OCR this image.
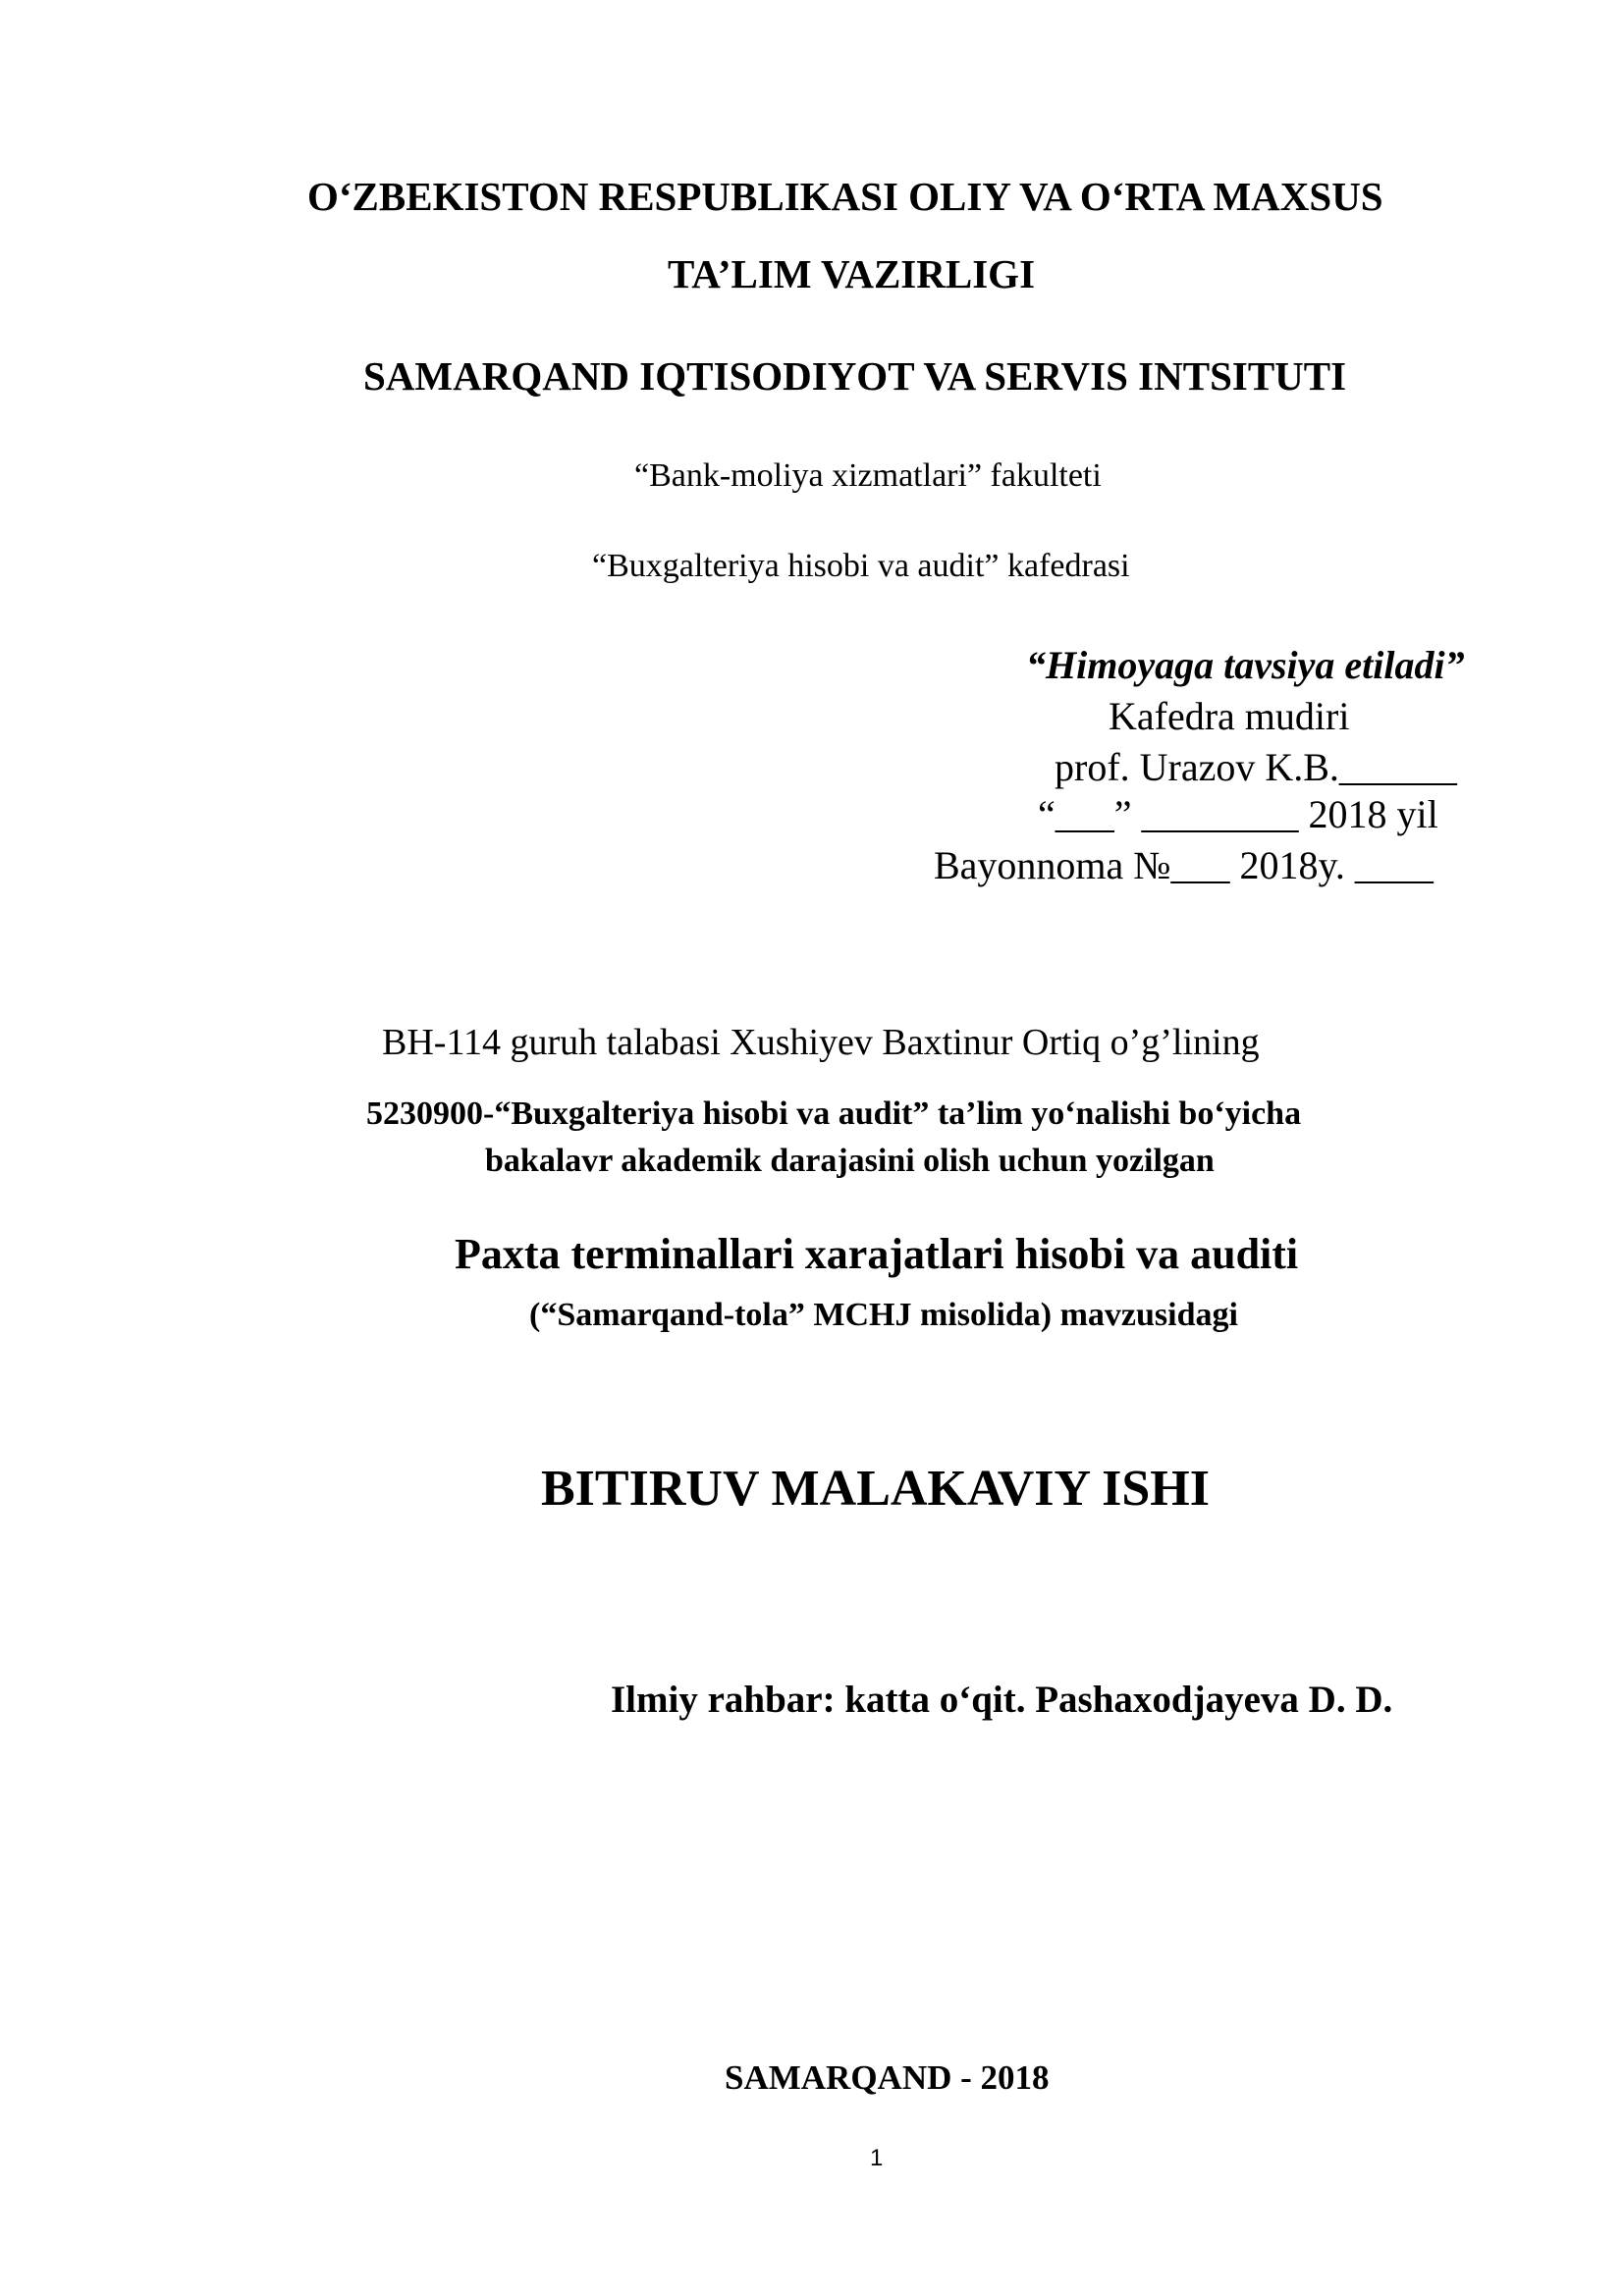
O‘ZBEKISTON RESPUBLIKASI OLIY VA O‘RTA MAXSUS
TA’LIM VAZIRLIGI
SAMARQAND IQTISODIYOT VA SERVIS INTSITUTI
“Bank-moliya xizmatlari” fakulteti
“Buxgalteriya hisobi va audit” kafedrasi
“Himoyaga tavsiya etiladi”
Kafedra mudiri
prof. Urazov K.B.______
“___” ________ 2018 yil
Bayonnoma №___ 2018y. ____
BH-114 guruh talabasi Xushiyev Baxtinur Ortiq o’g’lining
5230900-“Buxgalteriya hisobi va audit” ta’lim yo‘nalishi bo‘yicha
bakalavr akademik darajasini olish uchun yozilgan
Paxta terminallari xarajatlari hisobi va auditi
(“Samarqand-tola” MCHJ misolida) mavzusidagi
BITIRUV MALAKAVIY ISHI
Ilmiy rahbar: katta o‘qit. Pashaxodjayeva D. D.
SAMARQAND - 2018
1
